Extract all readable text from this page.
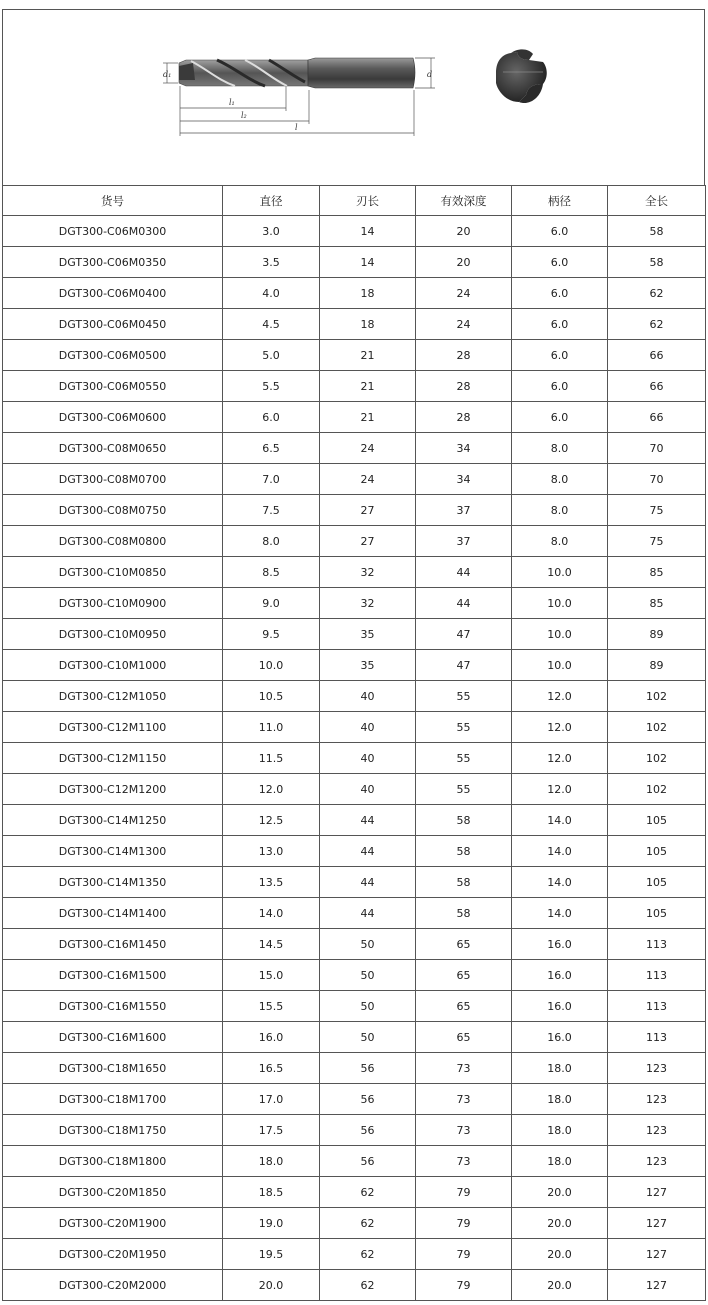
d₁	d
l₁
l₂
l
货号	直径	刃长	有效深度	柄径	全长
DGT300-C06M0300	3.0	14	20	6.0	58
DGT300-C06M0350	3.5	14	20	6.0	58
DGT300-C06M0400	4.0	18	24	6.0	62
DGT300-C06M0450	4.5	18	24	6.0	62
DGT300-C06M0500	5.0	21	28	6.0	66
DGT300-C06M0550	5.5	21	28	6.0	66
DGT300-C06M0600	6.0	21	28	6.0	66
DGT300-C08M0650	6.5	24	34	8.0	70
DGT300-C08M0700	7.0	24	34	8.0	70
DGT300-C08M0750	7.5	27	37	8.0	75
DGT300-C08M0800	8.0	27	37	8.0	75
DGT300-C10M0850	8.5	32	44	10.0	85
DGT300-C10M0900	9.0	32	44	10.0	85
DGT300-C10M0950	9.5	35	47	10.0	89
DGT300-C10M1000	10.0	35	47	10.0	89
DGT300-C12M1050	10.5	40	55	12.0	102
DGT300-C12M1100	11.0	40	55	12.0	102
DGT300-C12M1150	11.5	40	55	12.0	102
DGT300-C12M1200	12.0	40	55	12.0	102
DGT300-C14M1250	12.5	44	58	14.0	105
DGT300-C14M1300	13.0	44	58	14.0	105
DGT300-C14M1350	13.5	44	58	14.0	105
DGT300-C14M1400	14.0	44	58	14.0	105
DGT300-C16M1450	14.5	50	65	16.0	113
DGT300-C16M1500	15.0	50	65	16.0	113
DGT300-C16M1550	15.5	50	65	16.0	113
DGT300-C16M1600	16.0	50	65	16.0	113
DGT300-C18M1650	16.5	56	73	18.0	123
DGT300-C18M1700	17.0	56	73	18.0	123
DGT300-C18M1750	17.5	56	73	18.0	123
DGT300-C18M1800	18.0	56	73	18.0	123
DGT300-C20M1850	18.5	62	79	20.0	127
DGT300-C20M1900	19.0	62	79	20.0	127
DGT300-C20M1950	19.5	62	79	20.0	127
DGT300-C20M2000	20.0	62	79	20.0	127
